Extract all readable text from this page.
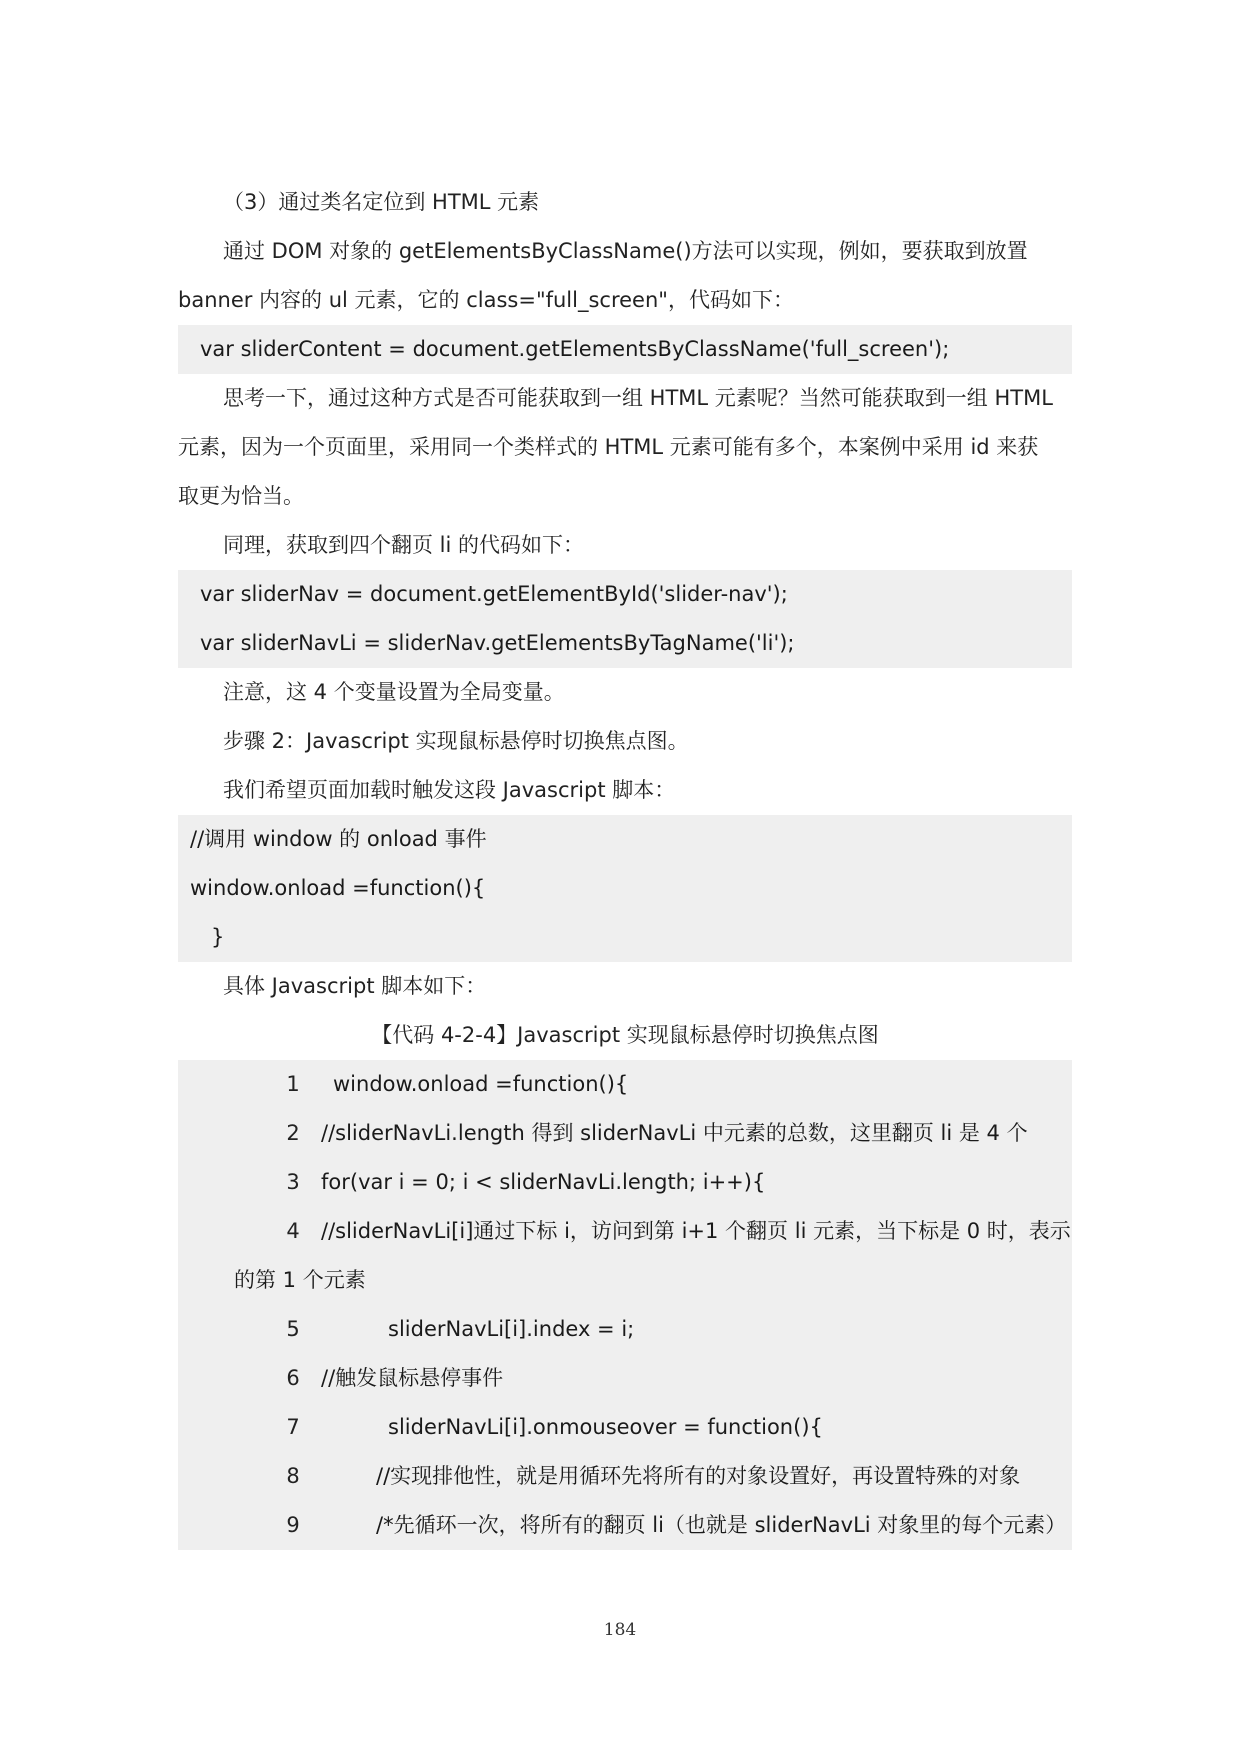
（3）通过类名定位到 HTML 元素
通过 DOM 对象的 getElementsByClassName()方法可以实现，例如，要获取到放置
banner 内容的 ul 元素，它的 class="full_screen"，代码如下：
var sliderContent = document.getElementsByClassName('full_screen');
思考一下，通过这种方式是否可能获取到一组 HTML 元素呢？当然可能获取到一组 HTML
元素，因为一个页面里，采用同一个类样式的 HTML 元素可能有多个，本案例中采用 id 来获
取更为恰当。
同理，获取到四个翻页 li 的代码如下：
var sliderNav = document.getElementById('slider-nav');
var sliderNavLi = sliderNav.getElementsByTagName('li');
注意，这 4 个变量设置为全局变量。
步骤 2：Javascript 实现鼠标悬停时切换焦点图。
我们希望页面加载时触发这段 Javascript 脚本：
//调用 window 的 onload 事件
window.onload =function(){
}
具体 Javascript 脚本如下：
【代码 4-2-4】Javascript 实现鼠标悬停时切换焦点图
1	window.onload =function(){
2	//sliderNavLi.length 得到 sliderNavLi 中元素的总数，这里翻页 li 是 4 个
3	for(var i = 0; i < sliderNavLi.length; i++){
4	//sliderNavLi[i]通过下标 i，访问到第 i+1 个翻页 li 元素，当下标是 0 时，表示
的第 1 个元素
5	sliderNavLi[i].index = i;
6	//触发鼠标悬停事件
7	sliderNavLi[i].onmouseover = function(){
8	//实现排他性，就是用循环先将所有的对象设置好，再设置特殊的对象
9	/*先循环一次，将所有的翻页 li（也就是 sliderNavLi 对象里的每个元素）
184
